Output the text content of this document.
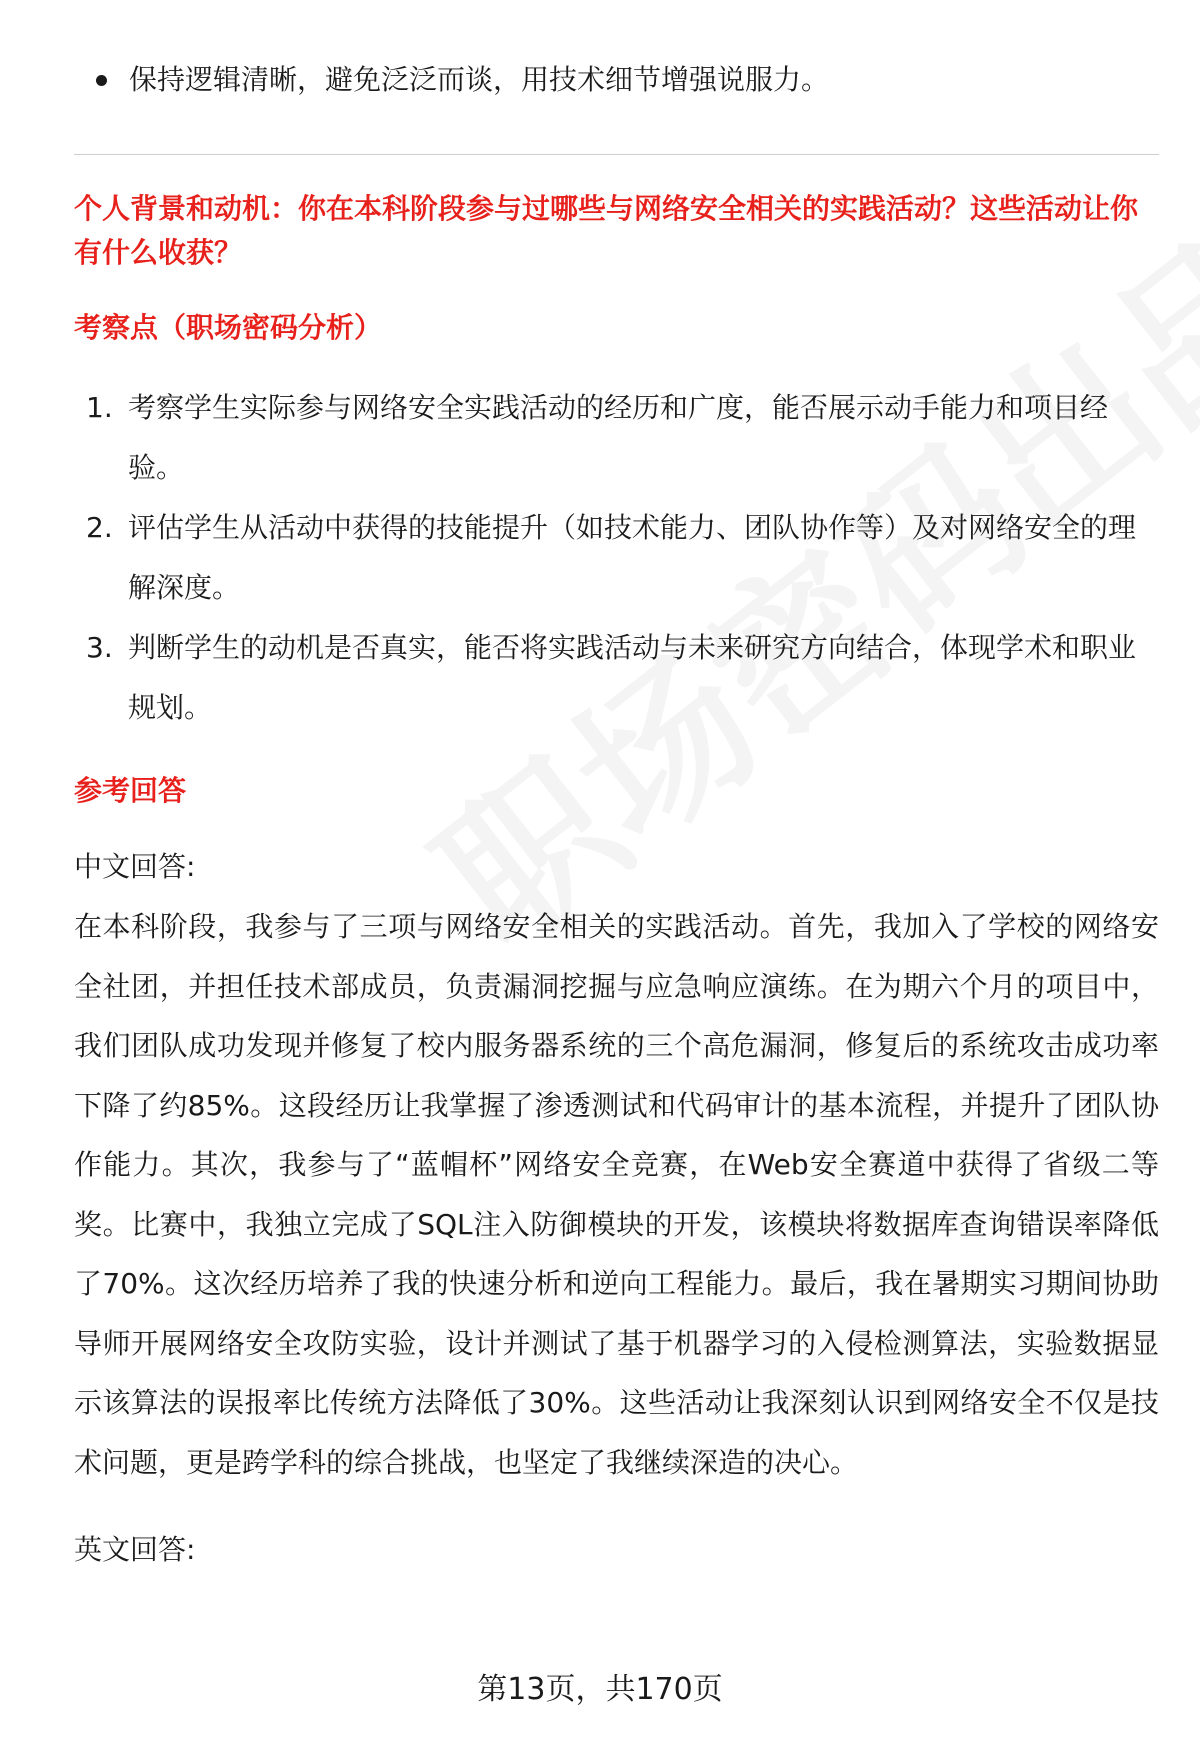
保持逻辑清晰，避免泛泛而谈，用技术细节增强说服力。
个人背景和动机：你在本科阶段参与过哪些与网络安全相关的实践活动？这些活动让你有什么收获？
考察点（职场密码分析）
1. 考察学生实际参与网络安全实践活动的经历和广度，能否展示动手能力和项目经验。
2. 评估学生从活动中获得的技能提升（如技术能力、团队协作等）及对网络安全的理解深度。
3. 判断学生的动机是否真实，能否将实践活动与未来研究方向结合，体现学术和职业规划。
参考回答
中文回答:
在本科阶段，我参与了三项与网络安全相关的实践活动。首先，我加入了学校的网络安全社团，并担任技术部成员，负责漏洞挖掘与应急响应演练。在为期六个月的项目中，我们团队成功发现并修复了校内服务器系统的三个高危漏洞，修复后的系统攻击成功率下降了约85%。这段经历让我掌握了渗透测试和代码审计的基本流程，并提升了团队协作能力。其次，我参与了“蓝帽杯”网络安全竞赛，在Web安全赛道中获得了省级二等奖。比赛中，我独立完成了SQL注入防御模块的开发，该模块将数据库查询错误率降低了70%。这次经历培养了我的快速分析和逆向工程能力。最后，我在暑期实习期间协助导师开展网络安全攻防实验，设计并测试了基于机器学习的入侵检测算法，实验数据显示该算法的误报率比传统方法降低了30%。这些活动让我深刻认识到网络安全不仅是技术问题，更是跨学科的综合挑战，也坚定了我继续深造的决心。
英文回答:
第13页，共170页
